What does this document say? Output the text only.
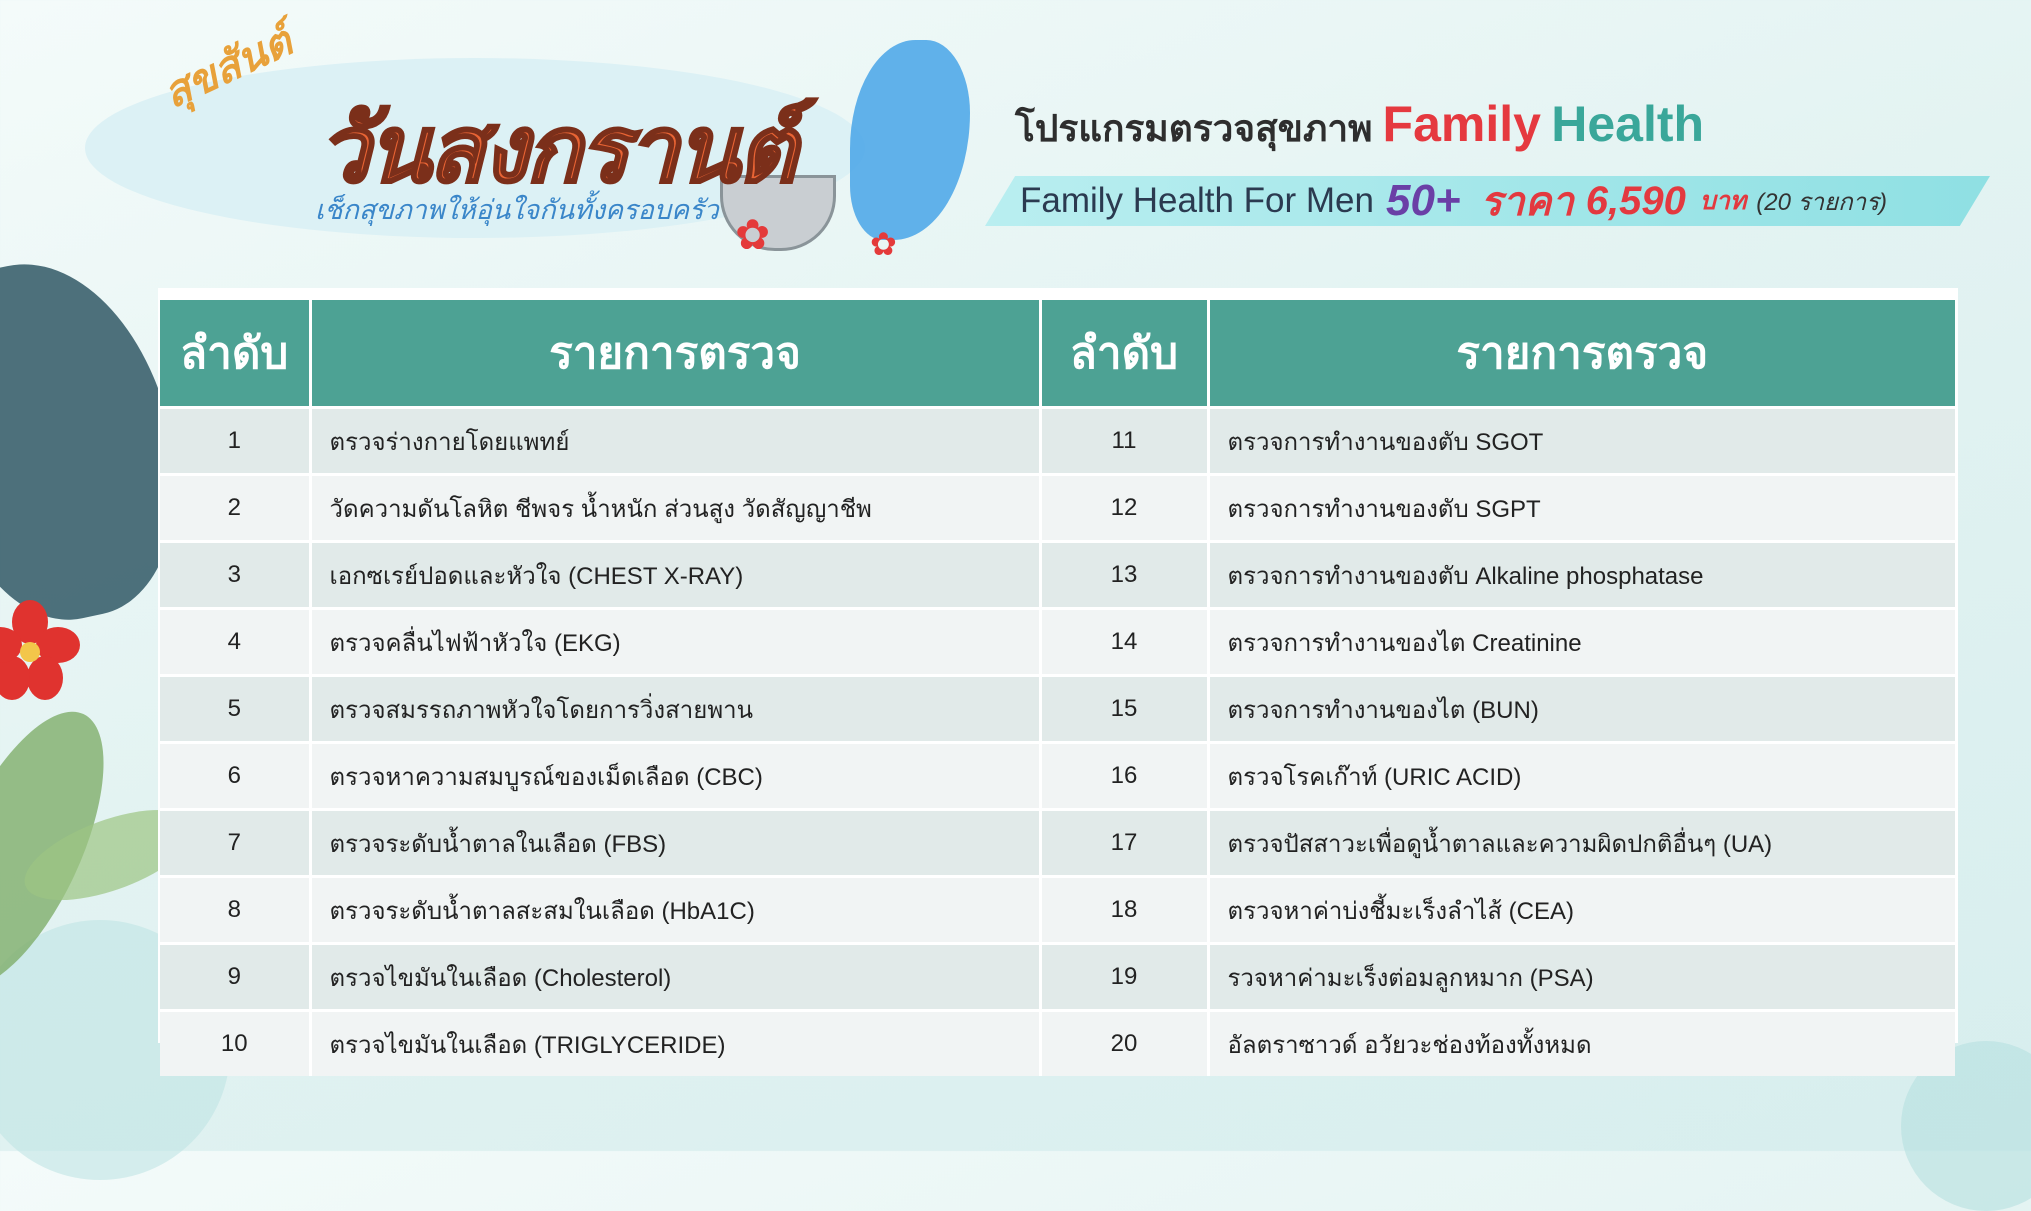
✿	✿
สุขสันต์
วันสงกรานต์
เช็กสุขภาพให้อุ่นใจกันทั้งครอบครัว
โปรแกรมตรวจสุขภาพ Family Health
Family Health For Men 50+ ราคา 6,590 บาท (20 รายการ)
ลำดับ	รายการตรวจ	ลำดับ	รายการตรวจ
1	ตรวจร่างกายโดยแพทย์	11	ตรวจการทำงานของตับ SGOT
2	วัดความดันโลหิต ชีพจร น้ำหนัก ส่วนสูง วัดสัญญาชีพ	12	ตรวจการทำงานของตับ SGPT
3	เอกซเรย์ปอดและหัวใจ (CHEST X-RAY)	13	ตรวจการทำงานของตับ Alkaline phosphatase
4	ตรวจคลื่นไฟฟ้าหัวใจ (EKG)	14	ตรวจการทำงานของไต Creatinine
5	ตรวจสมรรถภาพหัวใจโดยการวิ่งสายพาน	15	ตรวจการทำงานของไต (BUN)
6	ตรวจหาความสมบูรณ์ของเม็ดเลือด (CBC)	16	ตรวจโรคเก๊าท์ (URIC ACID)
7	ตรวจระดับน้ำตาลในเลือด (FBS)	17	ตรวจปัสสาวะเพื่อดูน้ำตาลและความผิดปกติอื่นๆ (UA)
8	ตรวจระดับน้ำตาลสะสมในเลือด (HbA1C)	18	ตรวจหาค่าบ่งชี้มะเร็งลำไส้ (CEA)
9	ตรวจไขมันในเลือด (Cholesterol)	19	รวจหาค่ามะเร็งต่อมลูกหมาก (PSA)
10	ตรวจไขมันในเลือด (TRIGLYCERIDE)	20	อัลตราซาวด์ อวัยวะช่องท้องทั้งหมด
